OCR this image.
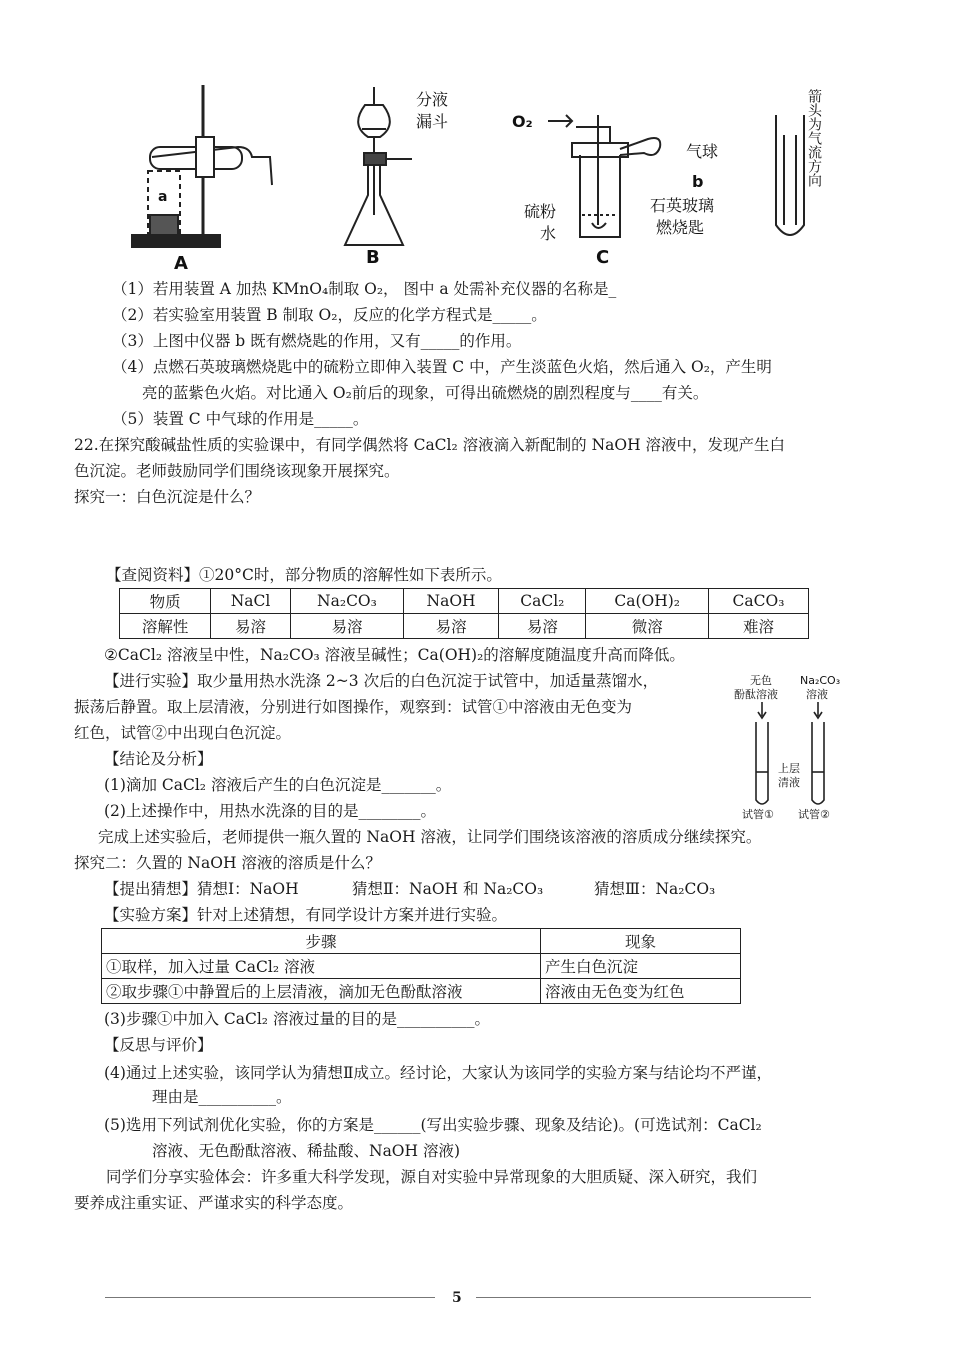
A	B	C
a
b
O₂
分液
漏斗
气球
硫粉
水
石英玻璃
燃烧匙
箭头为气流方向
（1）若用装置 A 加热 KMnO₄制取 O₂， 图中 a 处需补充仪器的名称是_
（2）若实验室用装置 B 制取 O₂，反应的化学方程式是_____。
（3）上图中仪器 b 既有燃烧匙的作用，又有_____的作用。
（4）点燃石英玻璃燃烧匙中的硫粉立即伸入装置 C 中，产生淡蓝色火焰，然后通入 O₂，产生明
亮的蓝紫色火焰。对比通入 O₂前后的现象，可得出硫燃烧的剧烈程度与____有关。
（5）装置 C 中气球的作用是_____。
22.在探究酸碱盐性质的实验课中，有同学偶然将 CaCl₂ 溶液滴入新配制的 NaOH 溶液中，发现产生白
色沉淀。老师鼓励同学们围绕该现象开展探究。
探究一：白色沉淀是什么？
【查阅资料】①20°C时，部分物质的溶解性如下表所示。
物质	NaCl	Na₂CO₃	NaOH	CaCl₂	Ca(OH)₂	CaCO₃
溶解性	易溶	易溶	易溶	易溶	微溶	难溶
②CaCl₂ 溶液呈中性，Na₂CO₃ 溶液呈碱性；Ca(OH)₂的溶解度随温度升高而降低。
【进行实验】取少量用热水洗涤 2~3 次后的白色沉淀于试管中，加适量蒸馏水，
振荡后静置。取上层清液，分别进行如图操作，观察到：试管①中溶液由无色变为
红色，试管②中出现白色沉淀。
【结论及分析】
(1)滴加 CaCl₂ 溶液后产生的白色沉淀是_______。
(2)上述操作中，用热水洗涤的目的是________。
无色
酚酞溶液
Na₂CO₃
溶液
上层
清液
试管① 试管②
完成上述实验后，老师提供一瓶久置的 NaOH 溶液，让同学们围绕该溶液的溶质成分继续探究。
探究二：久置的 NaOH 溶液的溶质是什么？
【提出猜想】猜想Ⅰ：NaOH	猜想Ⅱ：NaOH 和 Na₂CO₃	猜想Ⅲ：Na₂CO₃
【实验方案】针对上述猜想，有同学设计方案并进行实验。
步骤	现象
①取样，加入过量 CaCl₂ 溶液	产生白色沉淀
②取步骤①中静置后的上层清液，滴加无色酚酞溶液	溶液由无色变为红色
(3)步骤①中加入 CaCl₂ 溶液过量的目的是__________。
【反思与评价】
(4)通过上述实验，该同学认为猜想Ⅱ成立。经讨论，大家认为该同学的实验方案与结论均不严谨，
理由是__________。
(5)选用下列试剂优化实验，你的方案是______(写出实验步骤、现象及结论)。(可选试剂：CaCl₂
溶液、无色酚酞溶液、稀盐酸、NaOH 溶液)
同学们分享实验体会：许多重大科学发现，源自对实验中异常现象的大胆质疑、深入研究，我们
要养成注重实证、严谨求实的科学态度。
5
